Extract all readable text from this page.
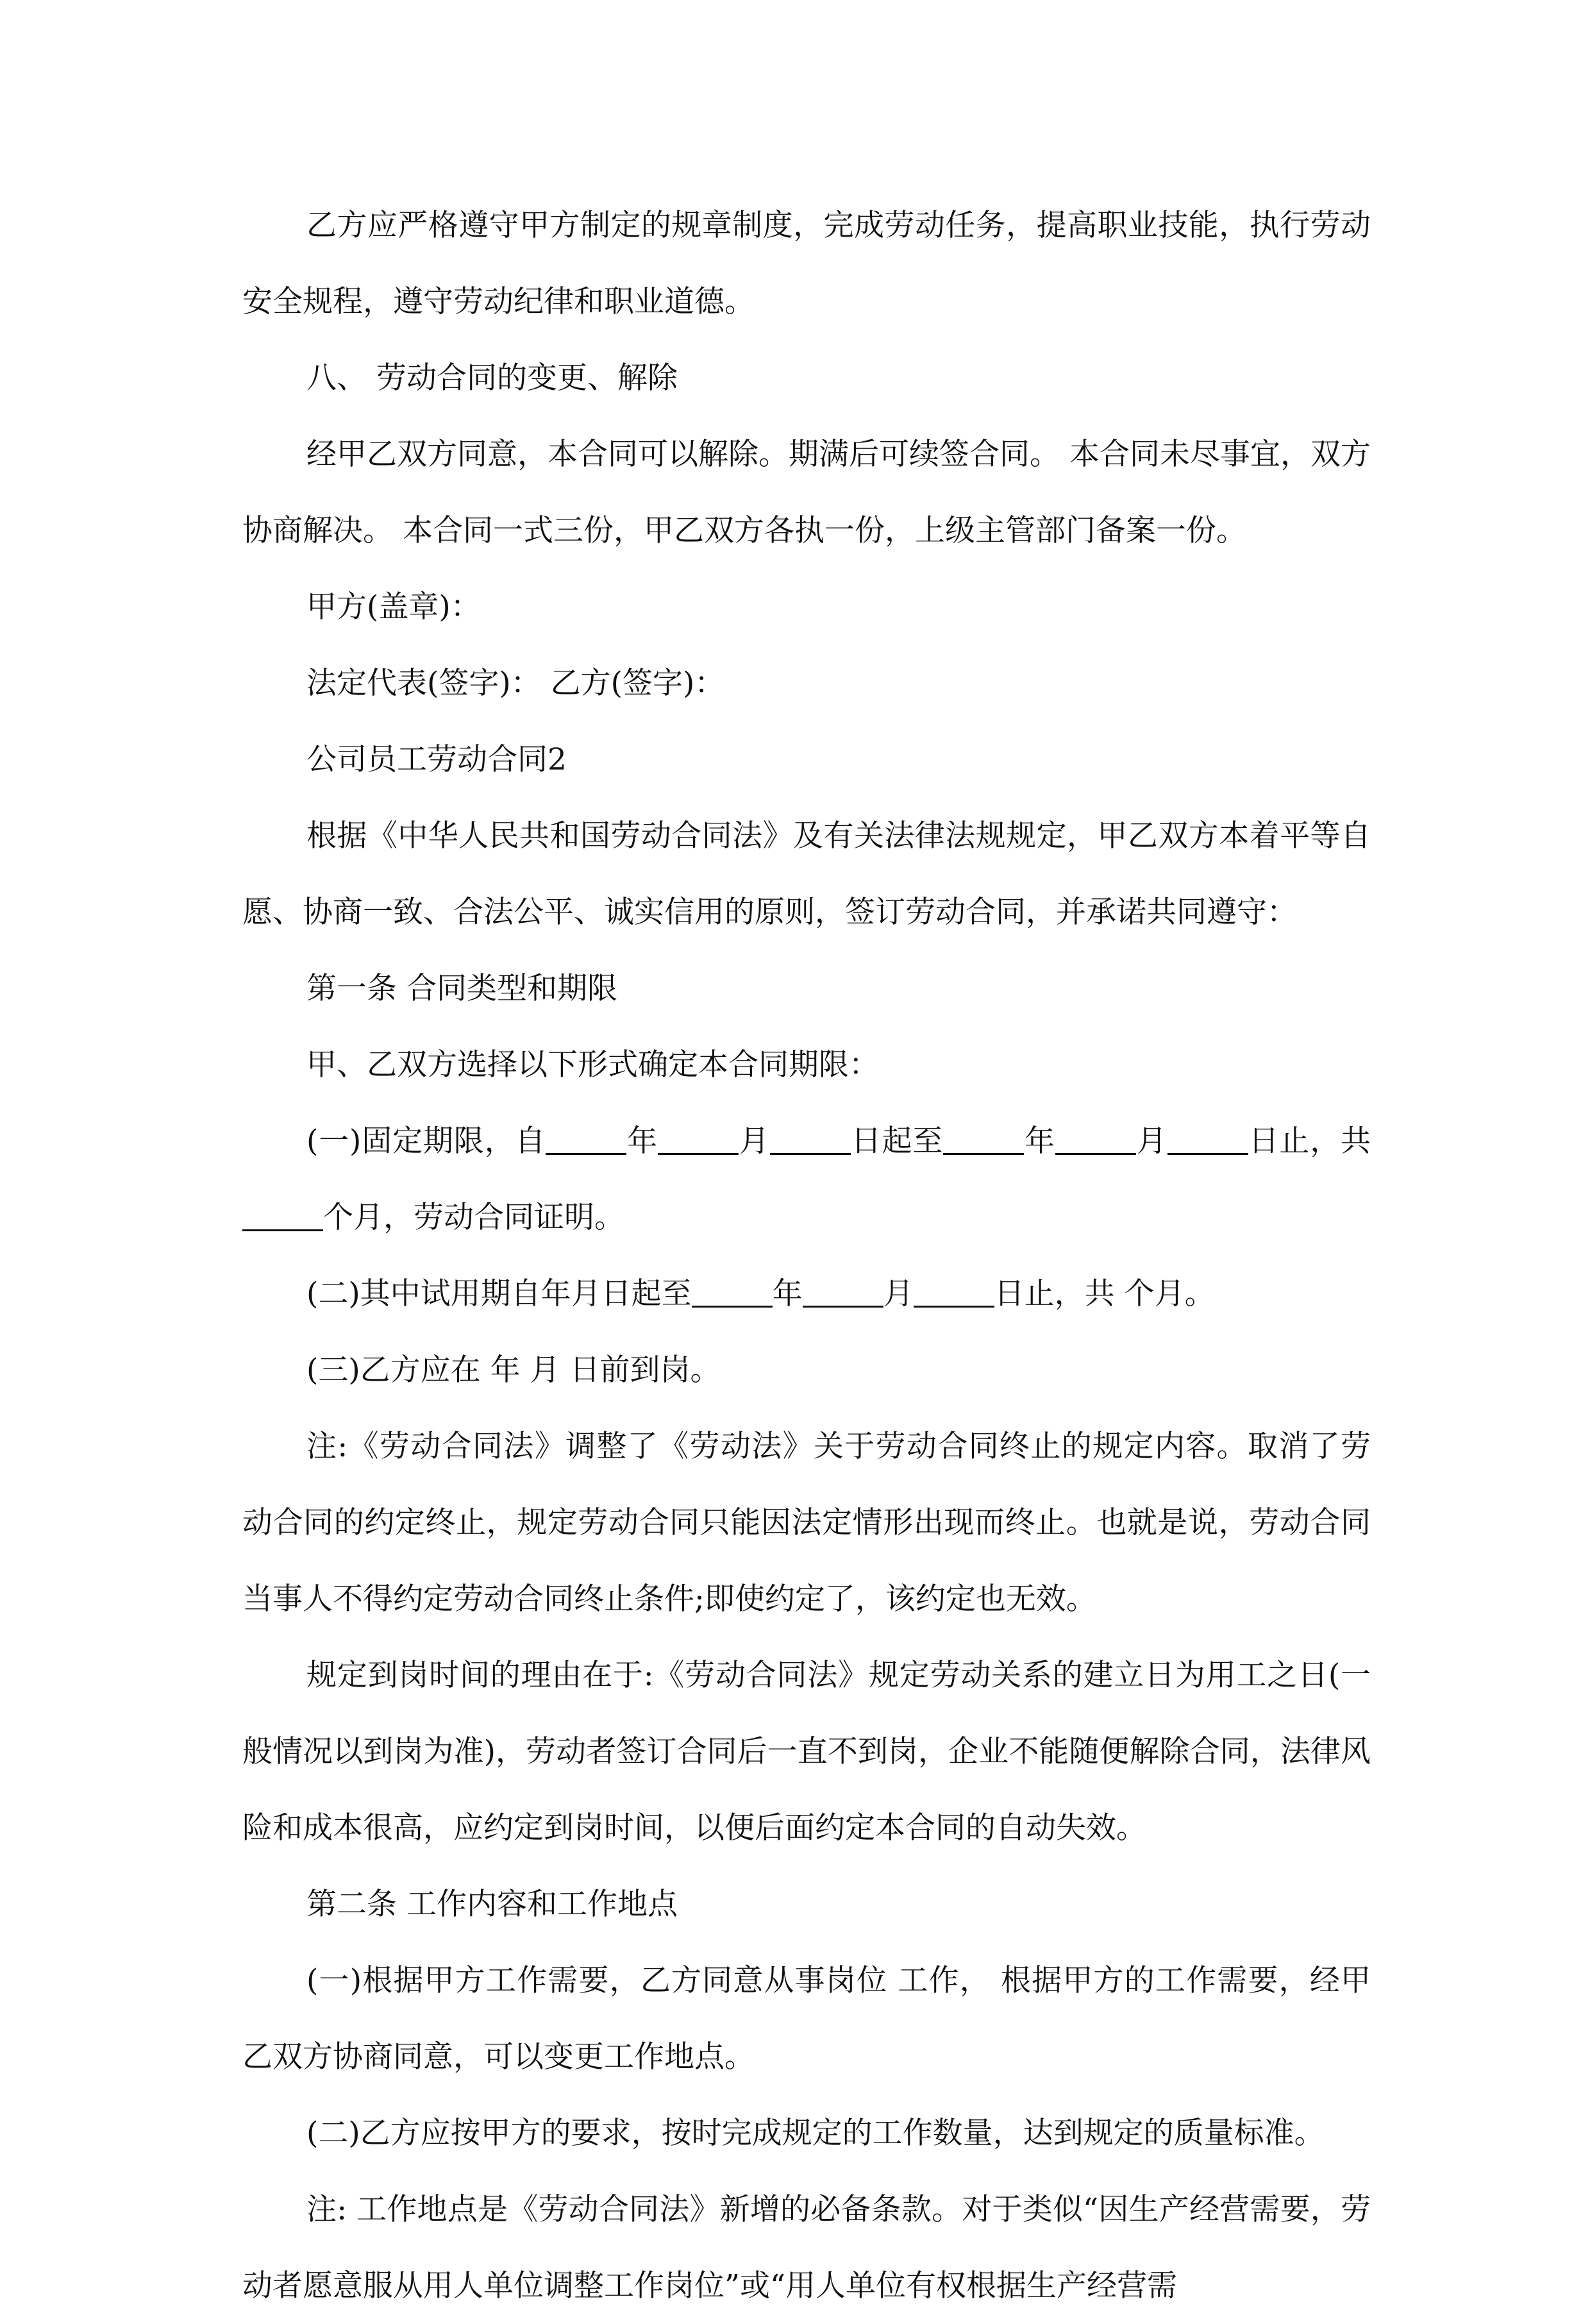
乙方应严格遵守甲方制定的规章制度，完成劳动任务，提高职业技能，执行劳动安全规程，遵守劳动纪律和职业道德。

八、 劳动合同的变更、解除

经甲乙双方同意，本合同可以解除。期满后可续签合同。 本合同未尽事宜，双方协商解决。 本合同一式三份，甲乙双方各执一份，上级主管部门备案一份。

甲方(盖章)：

法定代表(签字)： 乙方(签字)：

公司员工劳动合同2

根据《中华人民共和国劳动合同法》及有关法律法规规定，甲乙双方本着平等自愿、协商一致、合法公平、诚实信用的原则，签订劳动合同，并承诺共同遵守：

第一条 合同类型和期限

甲、乙双方选择以下形式确定本合同期限：

(一)固定期限，自	年	月	日起至	年	月	日止，共个月，劳动合同证明。

(二)其中试用期自年月日起至	年	月	日止，共 个月。

(三)乙方应在 年 月 日前到岗。

注:《劳动合同法》调整了《劳动法》关于劳动合同终止的规定内容。取消了劳动合同的约定终止，规定劳动合同只能因法定情形出现而终止。也就是说，劳动合同当事人不得约定劳动合同终止条件;即使约定了，该约定也无效。

规定到岗时间的理由在于:《劳动合同法》规定劳动关系的建立日为用工之日(一般情况以到岗为准)，劳动者签订合同后一直不到岗，企业不能随便解除合同，法律风险和成本很高，应约定到岗时间，以便后面约定本合同的自动失效。

第二条 工作内容和工作地点

(一)根据甲方工作需要，乙方同意从事岗位 工作， 根据甲方的工作需要，经甲乙双方协商同意，可以变更工作地点。

(二)乙方应按甲方的要求，按时完成规定的工作数量，达到规定的质量标准。

注: 工作地点是《劳动合同法》新增的必备条款。对于类似“因生产经营需要，劳动者愿意服从用人单位调整工作岗位”或“用人单位有权根据生产经营需
